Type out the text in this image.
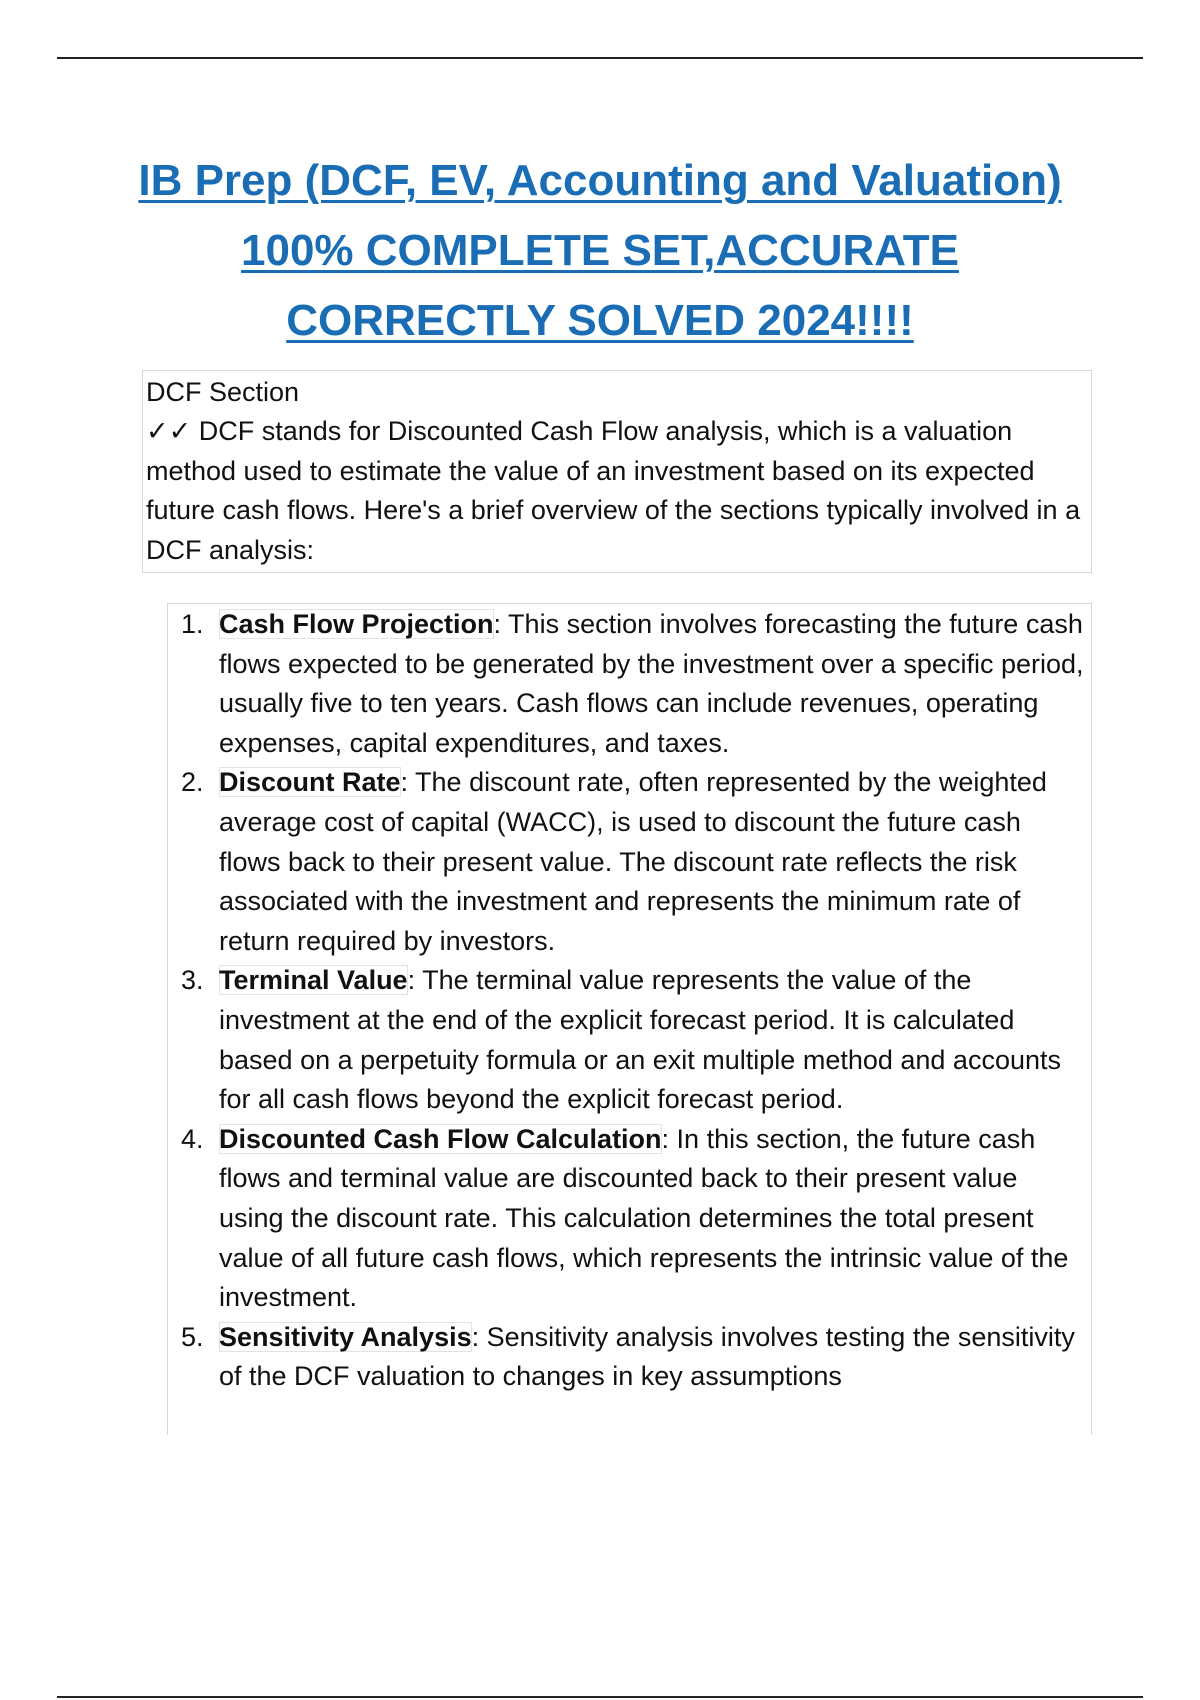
IB Prep (DCF, EV, Accounting and Valuation)
100% COMPLETE SET,ACCURATE
CORRECTLY SOLVED 2024!!!!

DCF Section

✓✓ DCF stands for Discounted Cash Flow analysis, which is a valuation method used to estimate the value of an investment based on its expected future cash flows. Here's a brief overview of the sections typically involved in a DCF analysis:

1. Cash Flow Projection: This section involves forecasting the future cash flows expected to be generated by the investment over a specific period, usually five to ten years. Cash flows can include revenues, operating expenses, capital expenditures, and taxes.
2. Discount Rate: The discount rate, often represented by the weighted average cost of capital (WACC), is used to discount the future cash flows back to their present value. The discount rate reflects the risk associated with the investment and represents the minimum rate of return required by investors.
3. Terminal Value: The terminal value represents the value of the investment at the end of the explicit forecast period. It is calculated based on a perpetuity formula or an exit multiple method and accounts for all cash flows beyond the explicit forecast period.
4. Discounted Cash Flow Calculation: In this section, the future cash flows and terminal value are discounted back to their present value using the discount rate. This calculation determines the total present value of all future cash flows, which represents the intrinsic value of the investment.
5. Sensitivity Analysis: Sensitivity analysis involves testing the sensitivity of the DCF valuation to changes in key assumptions
